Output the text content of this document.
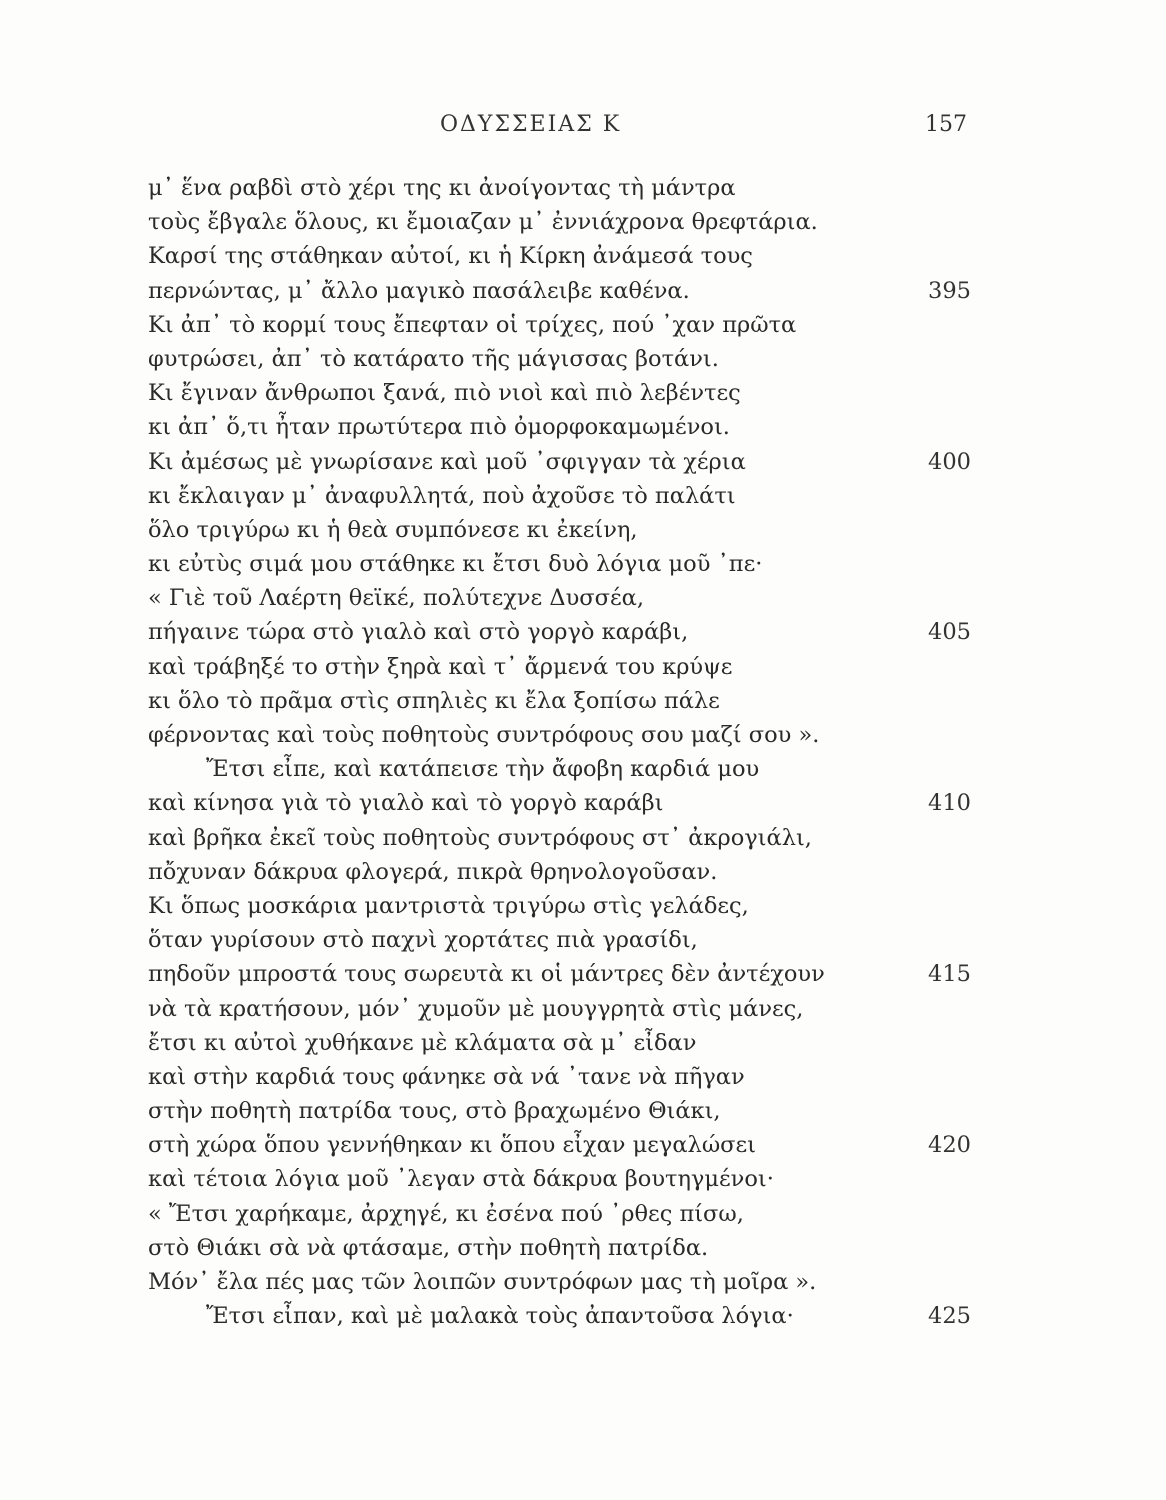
ΟΔΥΣΣΕΙΑΣ Κ	157
μ᾽ ἕνα ραβδὶ στὸ χέρι της κι ἀνοίγοντας τὴ μάντρα
τοὺς ἔβγαλε ὅλους, κι ἔμοιαζαν μ᾽ ἐννιάχρονα θρεφτάρια.
Καρσί της στάθηκαν αὐτοί, κι ἡ Κίρκη ἀνάμεσά τους
περνώντας, μ᾽ ἄλλο μαγικὸ πασάλειβε καθένα.	395
Κι ἀπ᾽ τὸ κορμί τους ἔπεφταν οἱ τρίχες, πού ᾽χαν πρῶτα
φυτρώσει, ἀπ᾽ τὸ κατάρατο τῆς μάγισσας βοτάνι.
Κι ἔγιναν ἄνθρωποι ξανά, πιὸ νιοὶ καὶ πιὸ λεβέντες
κι ἀπ᾽ ὅ,τι ἦταν πρωτύτερα πιὸ ὀμορφοκαμωμένοι.
Κι ἀμέσως μὲ γνωρίσανε καὶ μοῦ ᾽σφιγγαν τὰ χέρια	400
κι ἔκλαιγαν μ᾽ ἀναφυλλητά, ποὺ ἀχοῦσε τὸ παλάτι
ὅλο τριγύρω κι ἡ θεὰ συμπόνεσε κι ἐκείνη,
κι εὐτὺς σιμά μου στάθηκε κι ἔτσι δυὸ λόγια μοῦ ᾽πε·
« Γιὲ τοῦ Λαέρτη θεϊκέ, πολύτεχνε Δυσσέα,
πήγαινε τώρα στὸ γιαλὸ καὶ στὸ γοργὸ καράβι,	405
καὶ τράβηξέ το στὴν ξηρὰ καὶ τ᾽ ἄρμενά του κρύψε
κι ὅλο τὸ πρᾶμα στὶς σπηλιὲς κι ἔλα ξοπίσω πάλε
φέρνοντας καὶ τοὺς ποθητοὺς συντρόφους σου μαζί σου ».
Ἔτσι εἶπε, καὶ κατάπεισε τὴν ἄφοβη καρδιά μου
καὶ κίνησα γιὰ τὸ γιαλὸ καὶ τὸ γοργὸ καράβι	410
καὶ βρῆκα ἐκεῖ τοὺς ποθητοὺς συντρόφους στ᾽ ἀκρογιάλι,
πὄχυναν δάκρυα φλογερά, πικρὰ θρηνολογοῦσαν.
Κι ὅπως μοσκάρια μαντριστὰ τριγύρω στὶς γελάδες,
ὅταν γυρίσουν στὸ παχνὶ χορτάτες πιὰ γρασίδι,
πηδοῦν μπροστά τους σωρευτὰ κι οἱ μάντρες δὲν ἀντέχουν	415
νὰ τὰ κρατήσουν, μόν᾽ χυμοῦν μὲ μουγγρητὰ στὶς μάνες,
ἔτσι κι αὐτοὶ χυθήκανε μὲ κλάματα σὰ μ᾽ εἶδαν
καὶ στὴν καρδιά τους φάνηκε σὰ νά ᾽τανε νὰ πῆγαν
στὴν ποθητὴ πατρίδα τους, στὸ βραχωμένο Θιάκι,
στὴ χώρα ὅπου γεννήθηκαν κι ὅπου εἶχαν μεγαλώσει	420
καὶ τέτοια λόγια μοῦ ᾽λεγαν στὰ δάκρυα βουτηγμένοι·
« Ἔτσι χαρήκαμε, ἀρχηγέ, κι ἐσένα πού ᾽ρθες πίσω,
στὸ Θιάκι σὰ νὰ φτάσαμε, στὴν ποθητὴ πατρίδα.
Μόν᾽ ἔλα πές μας τῶν λοιπῶν συντρόφων μας τὴ μοῖρα ».
Ἔτσι εἶπαν, καὶ μὲ μαλακὰ τοὺς ἀπαντοῦσα λόγια·	425
